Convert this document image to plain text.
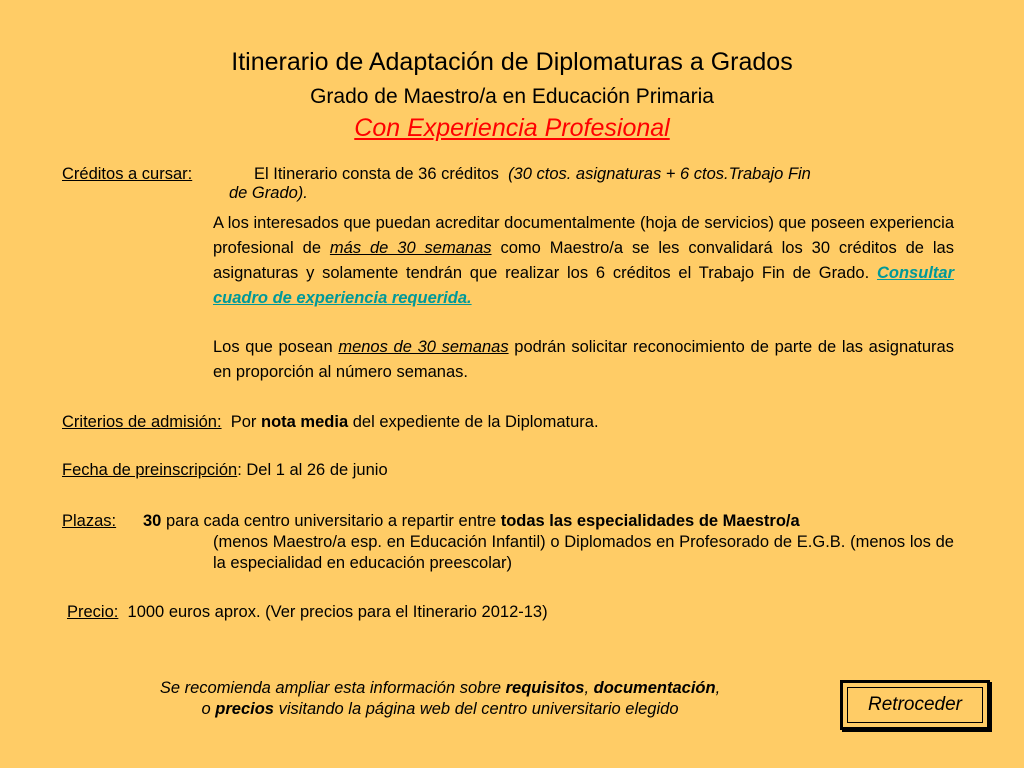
Itinerario de Adaptación de Diplomaturas a Grados
Grado de Maestro/a en Educación Primaria
Con Experiencia Profesional
Créditos a cursar:	El Itinerario consta de 36 créditos (30 ctos. asignaturas + 6 ctos.Trabajo Fin
de Grado).
A los interesados que puedan acreditar documentalmente (hoja de servicios) que poseen experiencia profesional de más de 30 semanas como Maestro/a se les convalidará los 30 créditos de las asignaturas y solamente tendrán que realizar los 6 créditos el Trabajo Fin de Grado. Consultar cuadro de experiencia requerida.
Los que posean menos de 30 semanas podrán solicitar reconocimiento de parte de las asignaturas en proporción al número semanas.
Criterios de admisión: Por nota media del expediente de la Diplomatura.
Fecha de preinscripción: Del 1 al 26 de junio
Plazas: 30 para cada centro universitario a repartir entre todas las especialidades de Maestro/a
(menos Maestro/a esp. en Educación Infantil) o Diplomados en Profesorado de E.G.B. (menos los de la especialidad en educación preescolar)
Precio: 1000 euros aprox. (Ver precios para el Itinerario 2012-13)
Se recomienda ampliar esta información sobre requisitos, documentación,
o precios visitando la página web del centro universitario elegido	Retroceder
